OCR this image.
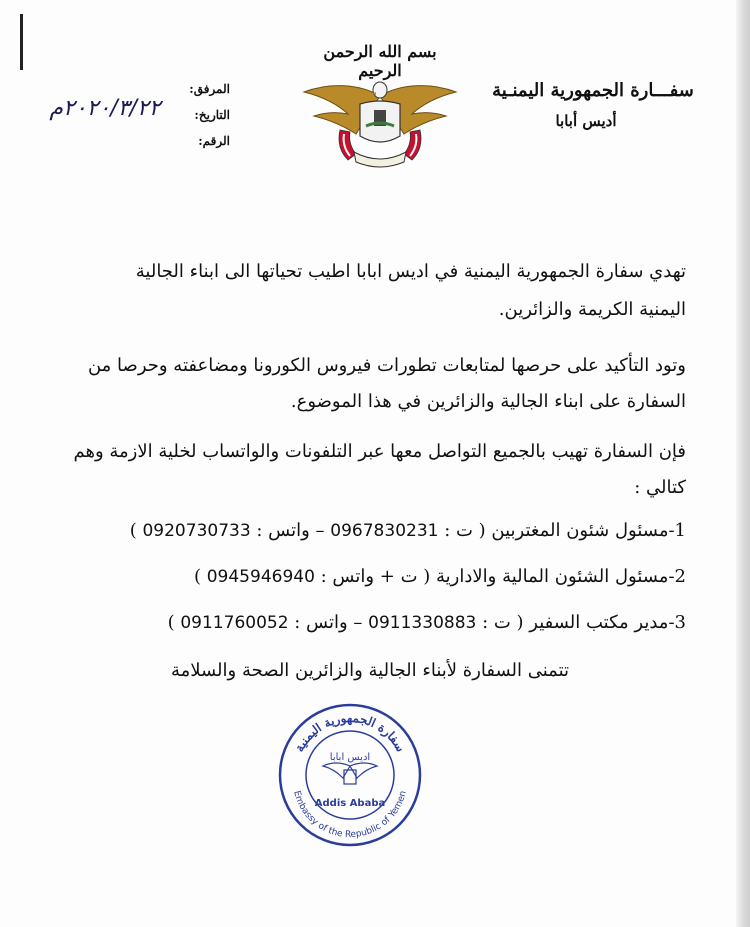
بسم الله الرحمن الرحيم
سفـــارة الجمهورية اليمنـية
أديس أبابا
المرفق:
التاريخ:
الرقم:
٢٠٢٠/٣/٢٢م
تهدي سفارة الجمهورية اليمنية في اديس ابابا اطيب تحياتها الى ابناء الجالية
اليمنية الكريمة والزائرين.
وتود التأكيد على حرصها لمتابعات تطورات فيروس الكورونا ومضاعفته وحرصا من
السفارة على ابناء الجالية والزائرين في هذا الموضوع.
فإن السفارة تهيب بالجميع التواصل معها عبر التلفونات والواتساب لخلية الازمة وهم
كتالي :
1-مسئول شئون المغتربين ( ت : 0967830231 – واتس : 0920730733 )
2-مسئول الشئون المالية والادارية ( ت + واتس : 0945946940 )
3-مدير مكتب السفير ( ت : 0911330883 – واتس : 0911760052 )
تتمنى السفارة لأبناء الجالية والزائرين الصحة والسلامة
سفارة الجمهورية اليمنية
Embassy of the Republic of Yemen
اديس ابابا
Addis Ababa
